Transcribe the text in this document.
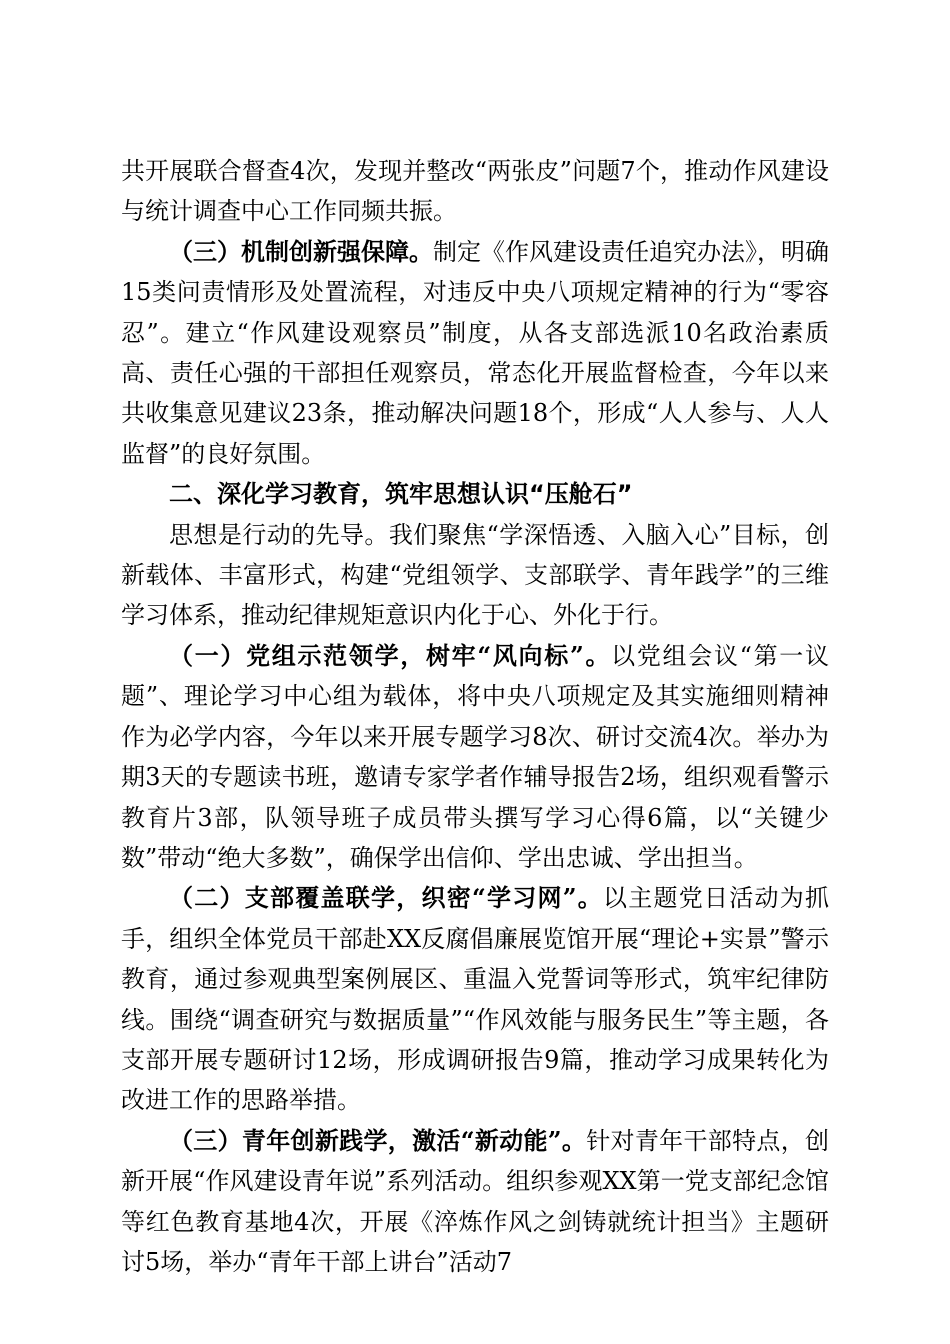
共开展联合督查4次，发现并整改“两张皮”问题7个，推动作风建设与统计调查中心工作同频共振。

（三）机制创新强保障。制定《作风建设责任追究办法》，明确15类问责情形及处置流程，对违反中央八项规定精神的行为“零容忍”。建立“作风建设观察员”制度，从各支部选派10名政治素质高、责任心强的干部担任观察员，常态化开展监督检查，今年以来共收集意见建议23条，推动解决问题18个，形成“人人参与、人人监督”的良好氛围。

二、深化学习教育，筑牢思想认识“压舱石”

思想是行动的先导。我们聚焦“学深悟透、入脑入心”目标，创新载体、丰富形式，构建“党组领学、支部联学、青年践学”的三维学习体系，推动纪律规矩意识内化于心、外化于行。

（一）党组示范领学，树牢“风向标”。以党组会议“第一议题”、理论学习中心组为载体，将中央八项规定及其实施细则精神作为必学内容，今年以来开展专题学习8次、研讨交流4次。举办为期3天的专题读书班，邀请专家学者作辅导报告2场，组织观看警示教育片3部，队领导班子成员带头撰写学习心得6篇，以“关键少数”带动“绝大多数”，确保学出信仰、学出忠诚、学出担当。

（二）支部覆盖联学，织密“学习网”。以主题党日活动为抓手，组织全体党员干部赴XX反腐倡廉展览馆开展“理论+实景”警示教育，通过参观典型案例展区、重温入党誓词等形式，筑牢纪律防线。围绕“调查研究与数据质量”“作风效能与服务民生”等主题，各支部开展专题研讨12场，形成调研报告9篇，推动学习成果转化为改进工作的思路举措。

（三）青年创新践学，激活“新动能”。针对青年干部特点，创新开展“作风建设青年说”系列活动。组织参观XX第一党支部纪念馆等红色教育基地4次，开展《淬炼作风之剑铸就统计担当》主题研讨5场，举办“青年干部上讲台”活动7
